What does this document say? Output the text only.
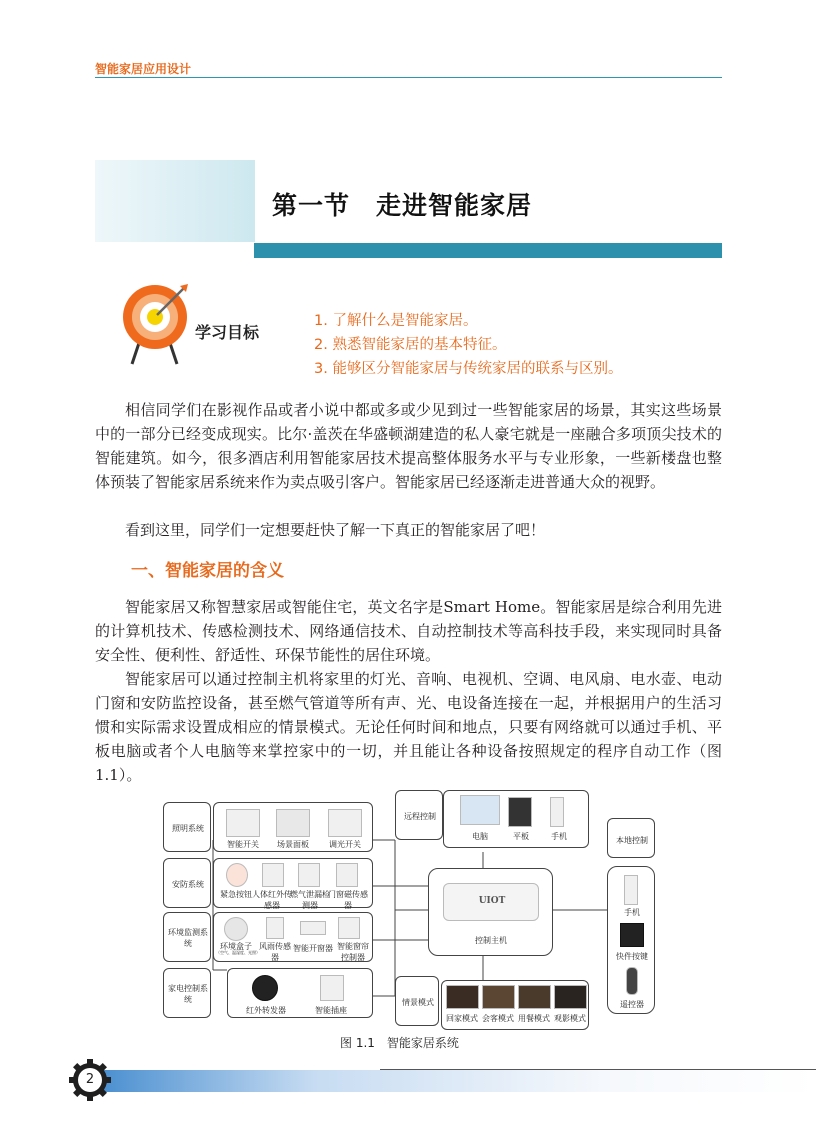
智能家居应用设计
第一节　走进智能家居
学习目标
1. 了解什么是智能家居。
2. 熟悉智能家居的基本特征。
3. 能够区分智能家居与传统家居的联系与区别。

相信同学们在影视作品或者小说中都或多或少见到过一些智能家居的场景，其实这些场景中的一部分已经变成现实。比尔·盖茨在华盛顿湖建造的私人豪宅就是一座融合多项顶尖技术的智能建筑。如今，很多酒店利用智能家居技术提高整体服务水平与专业形象，一些新楼盘也整体预装了智能家居系统来作为卖点吸引客户。智能家居已经逐渐走进普通大众的视野。

看到这里，同学们一定想要赶快了解一下真正的智能家居了吧！

一、智能家居的含义

智能家居又称智慧家居或智能住宅，英文名字是Smart Home。智能家居是综合利用先进的计算机技术、传感检测技术、网络通信技术、自动控制技术等高科技手段，来实现同时具备安全性、便利性、舒适性、环保节能性的居住环境。

智能家居可以通过控制主机将家里的灯光、音响、电视机、空调、电风扇、电水壶、电动门窗和安防监控设备，甚至燃气管道等所有声、光、电设备连接在一起，并根据用户的生活习惯和实际需求设置成相应的情景模式。无论任何时间和地点，只要有网络就可以通过手机、平板电脑或者个人电脑等来掌控家中的一切，并且能让各种设备按照规定的程序自动工作（图1.1）。

照明系统
智能开关	场景面板	调光开关
安防系统
紧急按钮 人体红外传感器
燃气泄漏检测器
门窗磁传感器
环境监测系统	环境盒子
（空气、温湿度、光照）
风雨传感器
智能开窗器 智能窗帘控制器
家电控制系统
红外转发器	智能插座
远程控制
电脑	平板	手机
UIOT
控制主机
本地控制
手机
快件按键
遥控器
情景模式
回家模式 会客模式 用餐模式 观影模式
图 1.1　智能家居系统
2
